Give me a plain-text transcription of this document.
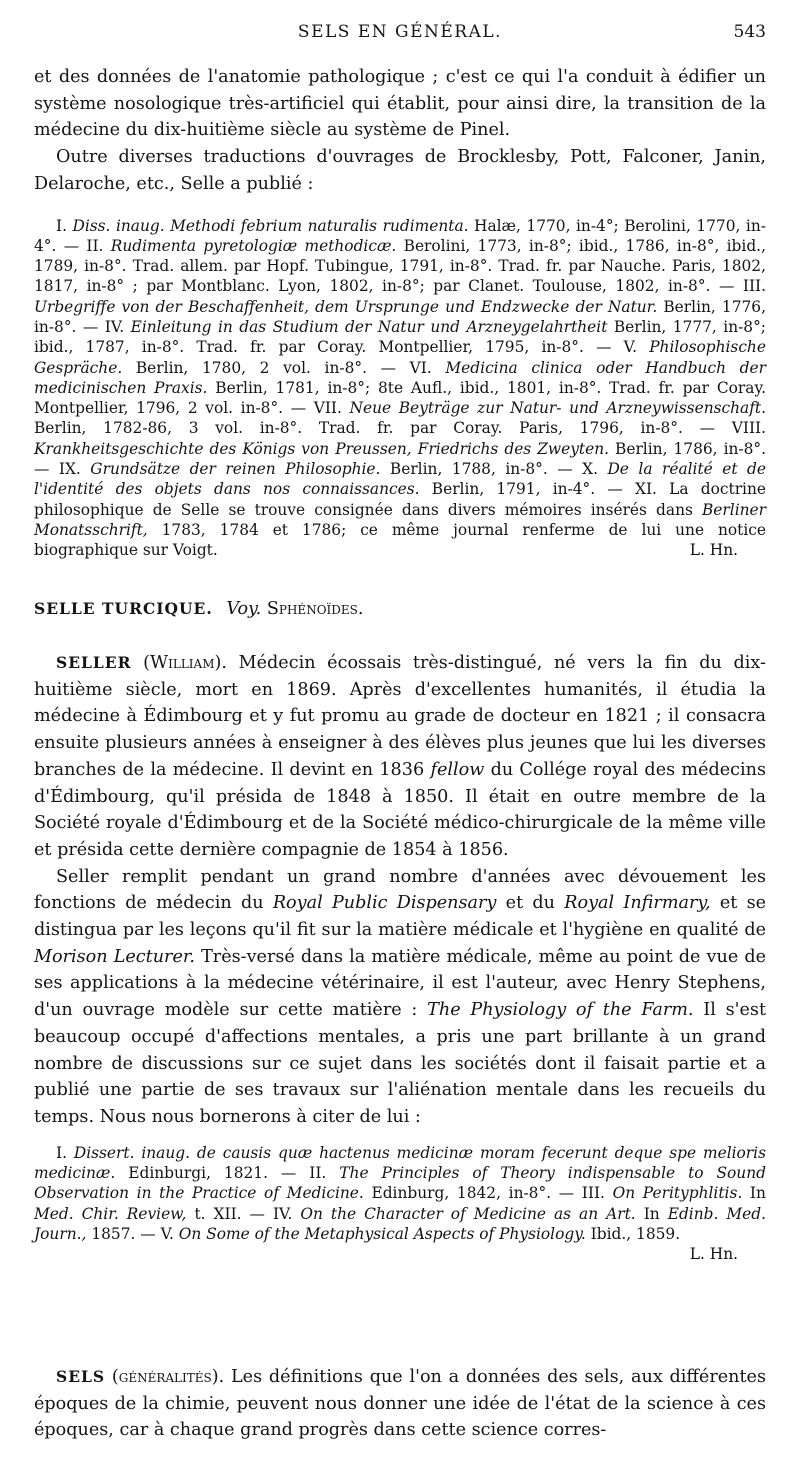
SELS EN GÉNÉRAL.	543

et des données de l'anatomie pathologique ; c'est ce qui l'a conduit à édifier un système nosologique très-artificiel qui établit, pour ainsi dire, la transition de la médecine du dix-huitième siècle au système de Pinel.

Outre diverses traductions d'ouvrages de Brocklesby, Pott, Falconer, Janin, Delaroche, etc., Selle a publié :

I. Diss. inaug. Methodi febrium naturalis rudimenta. Halæ, 1770, in-4°; Berolini, 1770, in-4°. — II. Rudimenta pyretologiæ methodicæ. Berolini, 1773, in-8°; ibid., 1786, in-8°, ibid., 1789, in-8°. Trad. allem. par Hopf. Tubingue, 1791, in-8°. Trad. fr. par Nauche. Paris, 1802, 1817, in-8° ; par Montblanc. Lyon, 1802, in-8°; par Clanet. Toulouse, 1802, in-8°. — III. Urbegriffe von der Beschaffenheit, dem Ursprunge und Endzwecke der Natur. Berlin, 1776, in-8°. — IV. Einleitung in das Studium der Natur und Arzneygelahrtheit Berlin, 1777, in-8°; ibid., 1787, in-8°. Trad. fr. par Coray. Montpellier, 1795, in-8°. — V. Philosophische Gespräche. Berlin, 1780, 2 vol. in-8°. — VI. Medicina clinica oder Handbuch der medicinischen Praxis. Berlin, 1781, in-8°; 8te Aufl., ibid., 1801, in-8°. Trad. fr. par Coray. Montpellier, 1796, 2 vol. in-8°. — VII. Neue Beyträge zur Natur- und Arzneywissenschaft. Berlin, 1782-86, 3 vol. in-8°. Trad. fr. par Coray. Paris, 1796, in-8°. — VIII. Krankheitsgeschichte des Königs von Preussen, Friedrichs des Zweyten. Berlin, 1786, in-8°. — IX. Grundsätze der reinen Philosophie. Berlin, 1788, in-8°. — X. De la réalité et de l'identité des objets dans nos connaissances. Berlin, 1791, in-4°. — XI. La doctrine philosophique de Selle se trouve consignée dans divers mémoires insérés dans Berliner Monatsschrift, 1783, 1784 et 1786; ce même journal renferme de lui une notice biographique sur Voigt.	L. Hn.

SELLE TURCIQUE. Voy. Sphénoïdes.

SELLER (William). Médecin écossais très-distingué, né vers la fin du dix-huitième siècle, mort en 1869. Après d'excellentes humanités, il étudia la médecine à Édimbourg et y fut promu au grade de docteur en 1821 ; il consacra ensuite plusieurs années à enseigner à des élèves plus jeunes que lui les diverses branches de la médecine. Il devint en 1836 fellow du Collége royal des médecins d'Édimbourg, qu'il présida de 1848 à 1850. Il était en outre membre de la Société royale d'Édimbourg et de la Société médico-chirurgicale de la même ville et présida cette dernière compagnie de 1854 à 1856.

Seller remplit pendant un grand nombre d'années avec dévouement les fonctions de médecin du Royal Public Dispensary et du Royal Infirmary, et se distingua par les leçons qu'il fit sur la matière médicale et l'hygiène en qualité de Morison Lecturer. Très-versé dans la matière médicale, même au point de vue de ses applications à la médecine vétérinaire, il est l'auteur, avec Henry Stephens, d'un ouvrage modèle sur cette matière : The Physiology of the Farm. Il s'est beaucoup occupé d'affections mentales, a pris une part brillante à un grand nombre de discussions sur ce sujet dans les sociétés dont il faisait partie et a publié une partie de ses travaux sur l'aliénation mentale dans les recueils du temps. Nous nous bornerons à citer de lui :

I. Dissert. inaug. de causis quæ hactenus medicinæ moram fecerunt deque spe melioris medicinæ. Edinburgi, 1821. — II. The Principles of Theory indispensable to Sound Observation in the Practice of Medicine. Edinburg, 1842, in-8°. — III. On Perityphlitis. In Med. Chir. Review, t. XII. — IV. On the Character of Medicine as an Art. In Edinb. Med. Journ., 1857. — V. On Some of the Metaphysical Aspects of Physiology. Ibid., 1859.
L. Hn.

SELS (généralités). Les définitions que l'on a données des sels, aux différentes époques de la chimie, peuvent nous donner une idée de l'état de la science à ces époques, car à chaque grand progrès dans cette science corres-
